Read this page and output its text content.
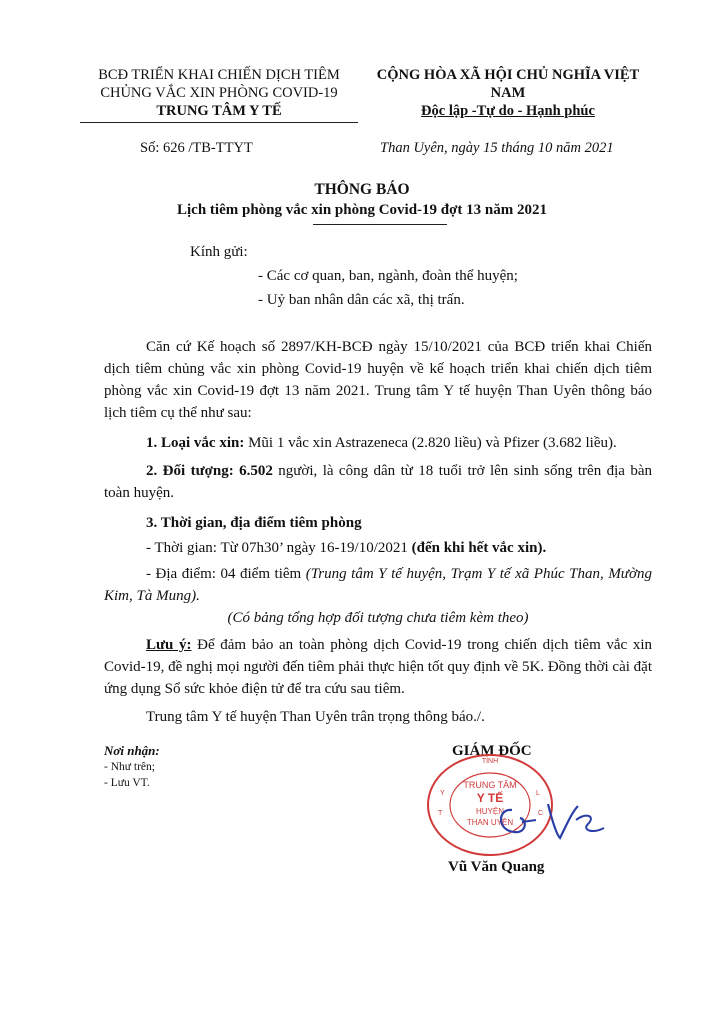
BCĐ TRIỂN KHAI CHIẾN DỊCH TIÊM
CHỦNG VẮC XIN PHÒNG COVID-19
TRUNG TÂM Y TẾ
CỘNG HÒA XÃ HỘI CHỦ NGHĨA VIỆT NAM
Độc lập -Tự do - Hạnh phúc
Số: 626 /TB-TTYT	Than Uyên, ngày 15 tháng 10 năm 2021
THÔNG BÁO
Lịch tiêm phòng vắc xin phòng Covid-19 đợt 13 năm 2021
Kính gửi:
- Các cơ quan, ban, ngành, đoàn thể huyện;
- Uỷ ban nhân dân các xã, thị trấn.
Căn cứ Kế hoạch số 2897/KH-BCĐ ngày 15/10/2021 của BCĐ triển khai Chiến dịch tiêm chủng vắc xin phòng Covid-19 huyện về kế hoạch triển khai chiến dịch tiêm phòng vắc xin Covid-19 đợt 13 năm 2021. Trung tâm Y tế huyện Than Uyên thông báo lịch tiêm cụ thể như sau:
1. Loại vắc xin: Mũi 1 vắc xin Astrazeneca (2.820 liều) và Pfizer (3.682 liều).
2. Đối tượng: 6.502 người, là công dân từ 18 tuổi trở lên sinh sống trên địa bàn toàn huyện.
3. Thời gian, địa điểm tiêm phòng
- Thời gian: Từ 07h30’ ngày 16-19/10/2021 (đến khi hết vắc xin).
- Địa điểm: 04 điểm tiêm (Trung tâm Y tế huyện, Trạm Y tế xã Phúc Than, Mường Kim, Tà Mung).
(Có bảng tổng hợp đối tượng chưa tiêm kèm theo)
Lưu ý: Để đảm bảo an toàn phòng dịch Covid-19 trong chiến dịch tiêm vắc xin Covid-19, đề nghị mọi người đến tiêm phải thực hiện tốt quy định về 5K. Đồng thời cài đặt ứng dụng Sổ sức khỏe điện tử để tra cứu sau tiêm.
Trung tâm Y tế huyện Than Uyên trân trọng thông báo./.
Nơi nhận:
- Như trên;
- Lưu VT.
GIÁM ĐỐC
TỈNH
Y
T
L
C
TRUNG TÂM
Y TẾ
HUYỆN
THAN UYÊN
Vũ Văn Quang
